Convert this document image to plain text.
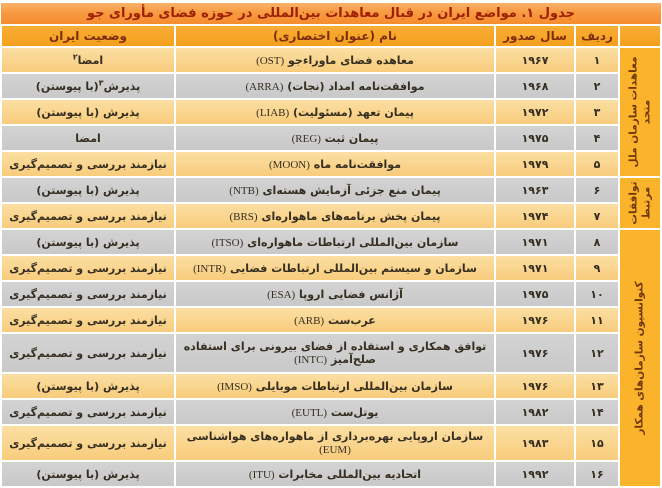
جدول ۱. مواضع ایران در قبال معاهدات بین‌المللی در حوزه فضای مأورای جو
	ردیف	سال صدور	نام (عنوان اختصاری)	وضعیت ایران

معاهدات سازمان ملل متحد	۱	۱۹۶۷	معاهده فضای ماوراءجو (OST)	امضا$^۲$
	۲	۱۹۶۸	موافقت‌نامه امداد (نجات) (ARRA)	پذیرش$^۳$(با پیوستن)
	۳	۱۹۷۲	پیمان تعهد (مسئولیت) (LIAB)	پذیرش (با پیوستن)
	۴	۱۹۷۵	پیمان ثبت (REG)	امضا
	۵	۱۹۷۹	موافقت‌نامه ماه (MOON)	نیازمند بررسی و تصمیم‌گیری

توافقات مرتبط	۶	۱۹۶۳	پیمان منع جزئی آزمایش هسته‌ای (NTB)	پذیرش (با پیوستن)
	۷	۱۹۷۴	پیمان پخش برنامه‌های ماهواره‌ای (BRS)	نیازمند بررسی و تصمیم‌گیری

کنوانسیون سازمان‌های همکار	۸	۱۹۷۱	سازمان بین‌المللی ارتباطات ماهواره‌ای (ITSO)	پذیرش (با پیوستن)
	۹	۱۹۷۱	سازمان و سیستم بین‌المللی ارتباطات فضایی (INTR)	نیازمند بررسی و تصمیم‌گیری
	۱۰	۱۹۷۵	آژانس فضایی اروپا (ESA)	نیازمند بررسی و تصمیم‌گیری
	۱۱	۱۹۷۶	عرب‌ست (ARB)	نیازمند بررسی و تصمیم‌گیری
	۱۲	۱۹۷۶	توافق همکاری و استفاده از فضای بیرونی برای استفاده صلح‌آمیز (INTC)	نیازمند بررسی و تصمیم‌گیری
	۱۳	۱۹۷۶	سازمان بین‌المللی ارتباطات موبایلی (IMSO)	پذیرش (با پیوستن)
	۱۴	۱۹۸۲	یوتل‌ست (EUTL)	نیازمند بررسی و تصمیم‌گیری
	۱۵	۱۹۸۳	سازمان اروپایی بهره‌برداری از ماهواره‌های هواشناسی (EUM)	نیازمند بررسی و تصمیم‌گیری
	۱۶	۱۹۹۲	اتحادیه بین‌المللی مخابرات (ITU)	پذیرش (با پیوستن)
